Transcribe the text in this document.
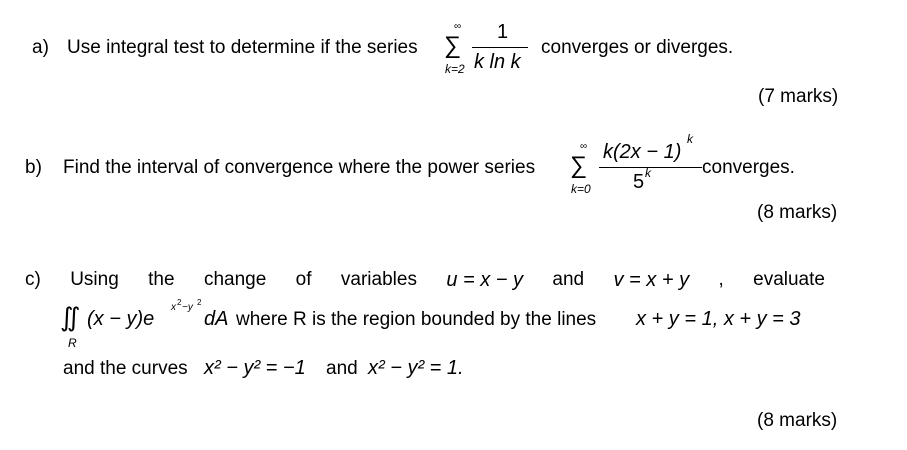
a) Use integral test to determine if the series
∞
∑
k=2
1
k ln k
converges or diverges.
(7 marks)
b) Find the interval of convergence where the power series
∞
∑
k=0
k(2x − 1)
k
5 k	converges.
(8 marks)
c) Using the change of variables u = x − y and v = x + y , evaluate
∬
R
(x − y)e
x 2 −y 2
dA where R is the region bounded by the lines x + y = 1, x + y = 3
and the curves x² − y² = −1 and x² − y² = 1.
(8 marks)
